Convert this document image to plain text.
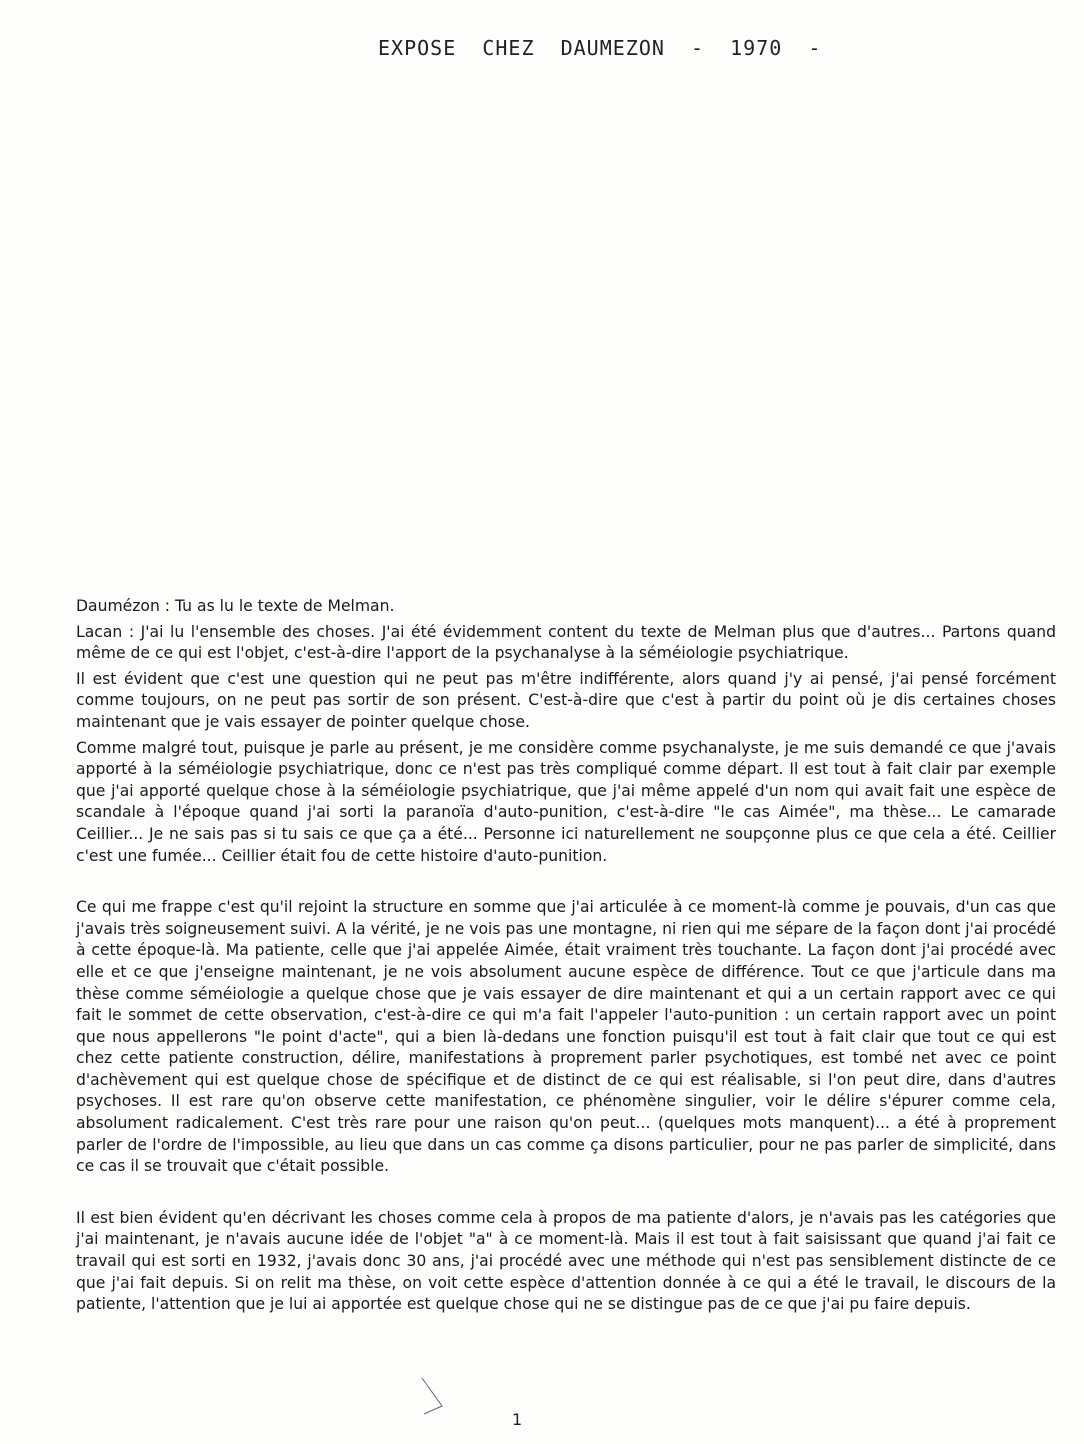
EXPOSE  CHEZ  DAUMEZON  -  1970  -

Daumézon : Tu as lu le texte de Melman.

Lacan : J'ai lu l'ensemble des choses. J'ai été évidemment content du texte de Melman plus que d'autres... Partons quand même de ce qui est l'objet, c'est-à-dire l'apport de la psychanalyse à la séméiologie psychiatrique.

Il est évident que c'est une question qui ne peut pas m'être indifférente, alors quand j'y ai pensé, j'ai pensé forcément comme toujours, on ne peut pas sortir de son présent. C'est-à-dire que c'est à partir du point où je dis certaines choses maintenant que je vais essayer de pointer quelque chose.

Comme malgré tout, puisque je parle au présent, je me considère comme psychanalyste, je me suis demandé ce que j'avais apporté à la séméiologie psychiatrique, donc ce n'est pas très compliqué comme départ. Il est tout à fait clair par exemple que j'ai apporté quelque chose à la séméiologie psychiatrique, que j'ai même appelé d'un nom qui avait fait une espèce de scandale à l'époque quand j'ai sorti la paranoïa d'auto-punition, c'est-à-dire "le cas Aimée", ma thèse... Le camarade Ceillier... Je ne sais pas si tu sais ce que ça a été... Personne ici naturellement ne soupçonne plus ce que cela a été. Ceillier c'est une fumée... Ceillier était fou de cette histoire d'auto-punition.

Ce qui me frappe c'est qu'il rejoint la structure en somme que j'ai articulée à ce moment-là comme je pouvais, d'un cas que j'avais très soigneusement suivi. A la vérité, je ne vois pas une montagne, ni rien qui me sépare de la façon dont j'ai procédé à cette époque-là. Ma patiente, celle que j'ai appelée Aimée, était vraiment très touchante. La façon dont j'ai procédé avec elle et ce que j'enseigne maintenant, je ne vois absolument aucune espèce de différence. Tout ce que j'articule dans ma thèse comme séméiologie a quelque chose que je vais essayer de dire maintenant et qui a un certain rapport avec ce qui fait le sommet de cette observation, c'est-à-dire ce qui m'a fait l'appeler l'auto-punition : un certain rapport avec un point que nous appellerons "le point d'acte", qui a bien là-dedans une fonction puisqu'il est tout à fait clair que tout ce qui est chez cette patiente construction, délire, manifestations à proprement parler psychotiques, est tombé net avec ce point d'achèvement qui est quelque chose de spécifique et de distinct de ce qui est réalisable, si l'on peut dire, dans d'autres psychoses. Il est rare qu'on observe cette manifestation, ce phénomène singulier, voir le délire s'épurer comme cela, absolument radicalement. C'est très rare pour une raison qu'on peut... (quelques mots manquent)... a été à proprement parler de l'ordre de l'impossible, au lieu que dans un cas comme ça disons particulier, pour ne pas parler de simplicité, dans ce cas il se trouvait que c'était possible.

Il est bien évident qu'en décrivant les choses comme cela à propos de ma patiente d'alors, je n'avais pas les catégories que j'ai maintenant, je n'avais aucune idée de l'objet "a" à ce moment-là. Mais il est tout à fait saisissant que quand j'ai fait ce travail qui est sorti en 1932, j'avais donc 30 ans, j'ai procédé avec une méthode qui n'est pas sensiblement distincte de ce que j'ai fait depuis. Si on relit ma thèse, on voit cette espèce d'attention donnée à ce qui a été le travail, le discours de la patiente, l'attention que je lui ai apportée est quelque chose qui ne se distingue pas de ce que j'ai pu faire depuis.

1
